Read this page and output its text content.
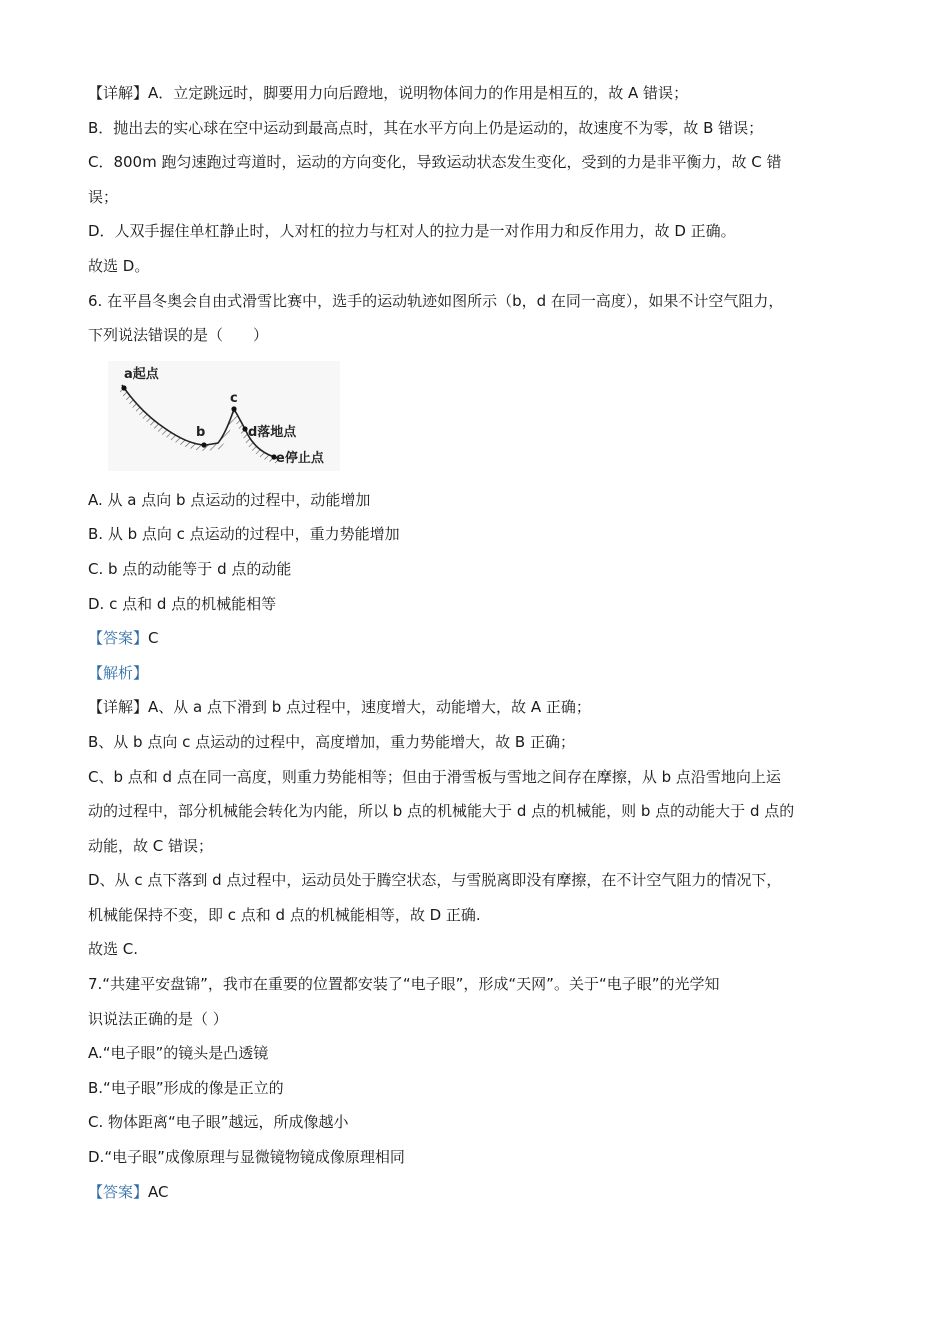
【详解】A．立定跳远时，脚要用力向后蹬地，说明物体间力的作用是相互的，故 A 错误；

B．抛出去的实心球在空中运动到最高点时，其在水平方向上仍是运动的，故速度不为零，故 B 错误；

C．800m 跑匀速跑过弯道时，运动的方向变化，导致运动状态发生变化，受到的力是非平衡力，故 C 错

误；

D．人双手握住单杠静止时，人对杠的拉力与杠对人的拉力是一对作用力和反作用力，故 D 正确。

故选 D。

6. 在平昌冬奥会自由式滑雪比赛中，选手的运动轨迹如图所示（b，d 在同一高度），如果不计空气阻力，

下列说法错误的是（　　）

a起点
b
c
d落地点
e停止点

A. 从 a 点向 b 点运动的过程中，动能增加

B. 从 b 点向 c 点运动的过程中，重力势能增加

C. b 点的动能等于 d 点的动能

D. c 点和 d 点的机械能相等

【答案】C

【解析】

【详解】A、从 a 点下滑到 b 点过程中，速度增大，动能增大，故 A 正确；

B、从 b 点向 c 点运动的过程中，高度增加，重力势能增大，故 B 正确；

C、b 点和 d 点在同一高度，则重力势能相等；但由于滑雪板与雪地之间存在摩擦，从 b 点沿雪地向上运

动的过程中，部分机械能会转化为内能，所以 b 点的机械能大于 d 点的机械能，则 b 点的动能大于 d 点的

动能，故 C 错误；

D、从 c 点下落到 d 点过程中，运动员处于腾空状态，与雪脱离即没有摩擦，在不计空气阻力的情况下，

机械能保持不变，即 c 点和 d 点的机械能相等，故 D 正确.

故选 C.

7.“共建平安盘锦”，我市在重要的位置都安装了“电子眼”，形成“天网”。关于“电子眼”的光学知

识说法正确的是（ ）

A.“电子眼”的镜头是凸透镜

B.“电子眼”形成的像是正立的

C. 物体距离“电子眼”越远，所成像越小

D.“电子眼”成像原理与显微镜物镜成像原理相同

【答案】AC
